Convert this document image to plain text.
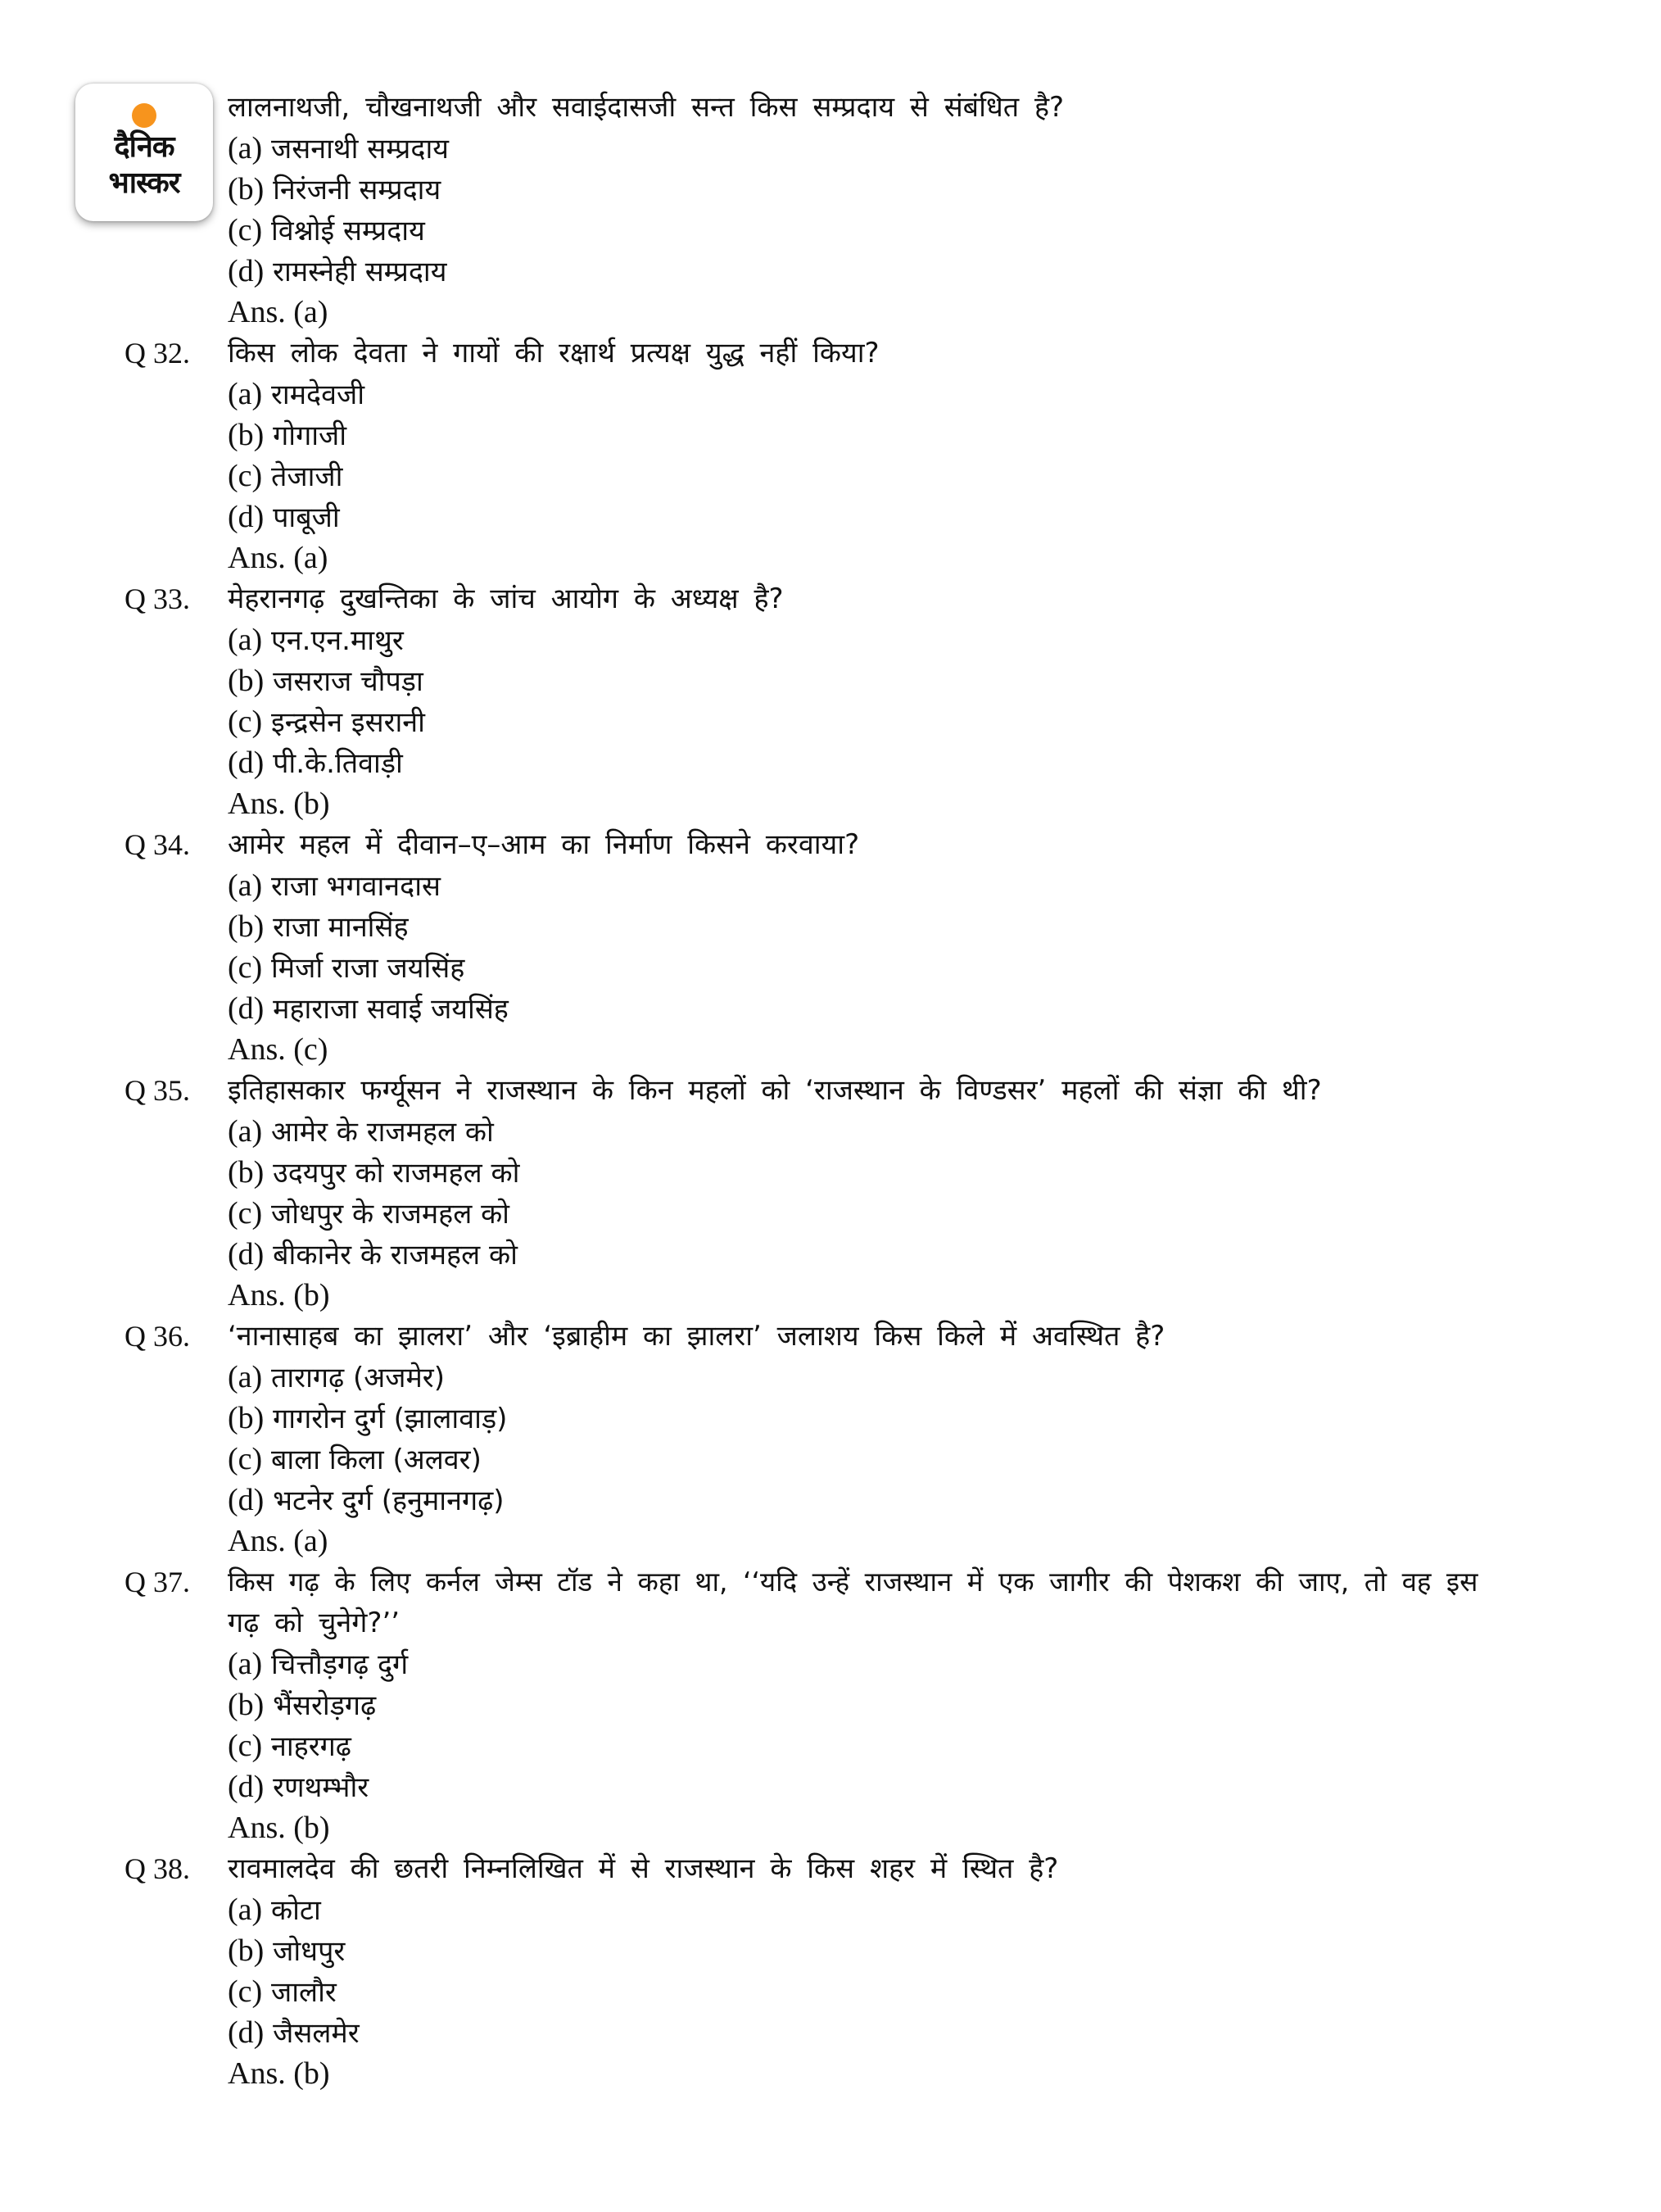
दैनिक
भास्कर
लालनाथजी, चौखनाथजी और सवाईदासजी सन्त किस सम्प्रदाय से संबंधित है?
(a) जसनाथी सम्प्रदाय
(b) निरंजनी सम्प्रदाय
(c) विश्नोई सम्प्रदाय
(d) रामस्नेही सम्प्रदाय
Ans. (a)
Q 32. किस लोक देवता ने गायों की रक्षार्थ प्रत्यक्ष युद्ध नहीं किया?
(a) रामदेवजी
(b) गोगाजी
(c) तेजाजी
(d) पाबूजी
Ans. (a)
Q 33. मेहरानगढ़ दुखन्तिका के जांच आयोग के अध्यक्ष है?
(a) एन.एन.माथुर
(b) जसराज चौपड़ा
(c) इन्द्रसेन इसरानी
(d) पी.के.तिवाड़ी
Ans. (b)
Q 34. आमेर महल में दीवान–ए–आम का निर्माण किसने करवाया?
(a) राजा भगवानदास
(b) राजा मानसिंह
(c) मिर्जा राजा जयसिंह
(d) महाराजा सवाई जयसिंह
Ans. (c)
Q 35. इतिहासकार फर्ग्यूसन ने राजस्थान के किन महलों को ‘राजस्थान के विण्डसर’ महलों की संज्ञा की थी?
(a) आमेर के राजमहल को
(b) उदयपुर को राजमहल को
(c) जोधपुर के राजमहल को
(d) बीकानेर के राजमहल को
Ans. (b)
Q 36. ‘नानासाहब का झालरा’ और ‘इब्राहीम का झालरा’ जलाशय किस किले में अवस्थित है?
(a) तारागढ़ (अजमेर)
(b) गागरोन दुर्ग (झालावाड़)
(c) बाला किला (अलवर)
(d) भटनेर दुर्ग (हनुमानगढ़)
Ans. (a)
Q 37. किस गढ़ के लिए कर्नल जेम्स टॉड ने कहा था, ‘‘यदि उन्हें राजस्थान में एक जागीर की पेशकश की जाए, तो वह इस
गढ़ को चुनेगे?’’
(a) चित्तौड़गढ़ दुर्ग
(b) भैंसरोड़गढ़
(c) नाहरगढ़
(d) रणथम्भौर
Ans. (b)
Q 38. रावमालदेव की छतरी निम्नलिखित में से राजस्थान के किस शहर में स्थित है?
(a) कोटा
(b) जोधपुर
(c) जालौर
(d) जैसलमेर
Ans. (b)
